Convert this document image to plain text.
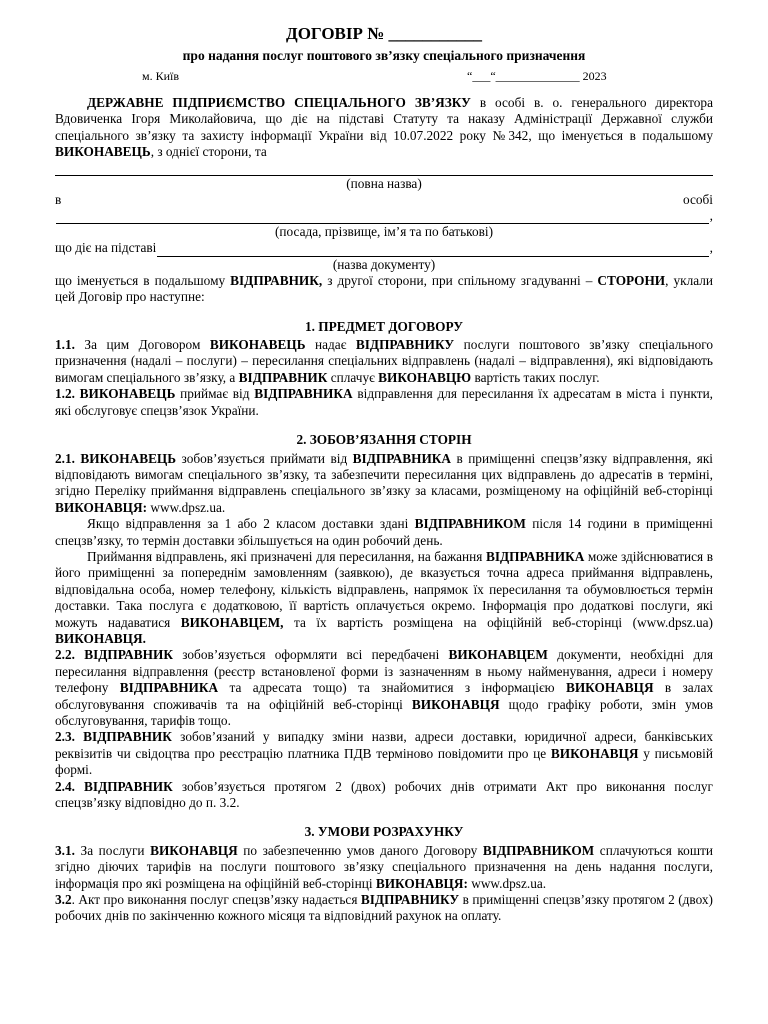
ДОГОВІР № ___________
про надання послуг поштового зв’язку спеціального призначення
м. Київ	“___“______________ 2023

ДЕРЖАВНЕ ПІДПРИЄМСТВО СПЕЦІАЛЬНОГО ЗВ’ЯЗКУ в особі в. о. генерального директора Вдовиченка Ігоря Миколайовича, що діє на підставі Статуту та наказу Адміністрації Державної служби спеціального зв’язку та захисту інформації України від 10.07.2022 року №342, що іменується в подальшому ВИКОНАВЕЦЬ, з однієї сторони, та

(повна назва)
в	особі
,
(посада, прізвище, ім’я та по батькові)
що діє на підставі	,
(назва документу)

що іменується в подальшому ВІДПРАВНИК, з другої сторони, при спільному згадуванні – СТОРОНИ, уклали цей Договір про наступне:

1. ПРЕДМЕТ ДОГОВОРУ

1.1. За цим Договором ВИКОНАВЕЦЬ надає ВІДПРАВНИКУ послуги поштового зв’язку спеціального призначення (надалі – послуги) – пересилання спеціальних відправлень (надалі – відправлення), які відповідають вимогам спеціального зв’язку, а ВІДПРАВНИК сплачує ВИКОНАВЦЮ вартість таких послуг.

1.2. ВИКОНАВЕЦЬ приймає від ВІДПРАВНИКА відправлення для пересилання їх адресатам в міста і пункти, які обслуговує спецзв’язок України.

2. ЗОБОВ’ЯЗАННЯ СТОРІН

2.1. ВИКОНАВЕЦЬ зобов’язується приймати від ВІДПРАВНИКА в приміщенні спецзв’язку відправлення, які відповідають вимогам спеціального зв’язку, та забезпечити пересилання цих відправлень до адресатів в терміні, згідно Переліку приймання відправлень спеціального зв’язку за класами, розміщеному на офіційній веб-сторінці ВИКОНАВЦЯ: www.dpsz.ua.

Якщо відправлення за 1 або 2 класом доставки здані ВІДПРАВНИКОМ після 14 години в приміщенні спецзв’язку, то термін доставки збільшується на один робочий день.

Приймання відправлень, які призначені для пересилання, на бажання ВІДПРАВНИКА може здійснюватися в його приміщенні за попереднім замовленням (заявкою), де вказується точна адреса приймання відправлень, відповідальна особа, номер телефону, кількість відправлень, напрямок їх пересилання та обумовлюється термін доставки. Така послуга є додатковою, її вартість оплачується окремо. Інформація про додаткові послуги, які можуть надаватися ВИКОНАВЦЕМ, та їх вартість розміщена на офіційній веб-сторінці (www.dpsz.ua) ВИКОНАВЦЯ.

2.2. ВІДПРАВНИК зобов’язується оформляти всі передбачені ВИКОНАВЦЕМ документи, необхідні для пересилання відправлення (реєстр встановленої форми із зазначенням в ньому найменування, адреси і номеру телефону ВІДПРАВНИКА та адресата тощо) та знайомитися з інформацією ВИКОНАВЦЯ в залах обслуговування споживачів та на офіційній веб-сторінці ВИКОНАВЦЯ щодо графіку роботи, змін умов обслуговування, тарифів тощо.

2.3. ВІДПРАВНИК зобов’язаний у випадку зміни назви, адреси доставки, юридичної адреси, банківських реквізитів чи свідоцтва про реєстрацію платника ПДВ терміново повідомити про це ВИКОНАВЦЯ у письмовій формі.

2.4. ВІДПРАВНИК зобов’язується протягом 2 (двох) робочих днів отримати Акт про виконання послуг спецзв’язку відповідно до п. 3.2.

3. УМОВИ РОЗРАХУНКУ

3.1. За послуги ВИКОНАВЦЯ по забезпеченню умов даного Договору ВІДПРАВНИКОМ сплачуються кошти згідно діючих тарифів на послуги поштового зв’язку спеціального призначення на день надання послуги, інформація про які розміщена на офіційній веб-сторінці ВИКОНАВЦЯ: www.dpsz.ua.

3.2. Акт про виконання послуг спецзв’язку надається ВІДПРАВНИКУ в приміщенні спецзв’язку протягом 2 (двох) робочих днів по закінченню кожного місяця та відповідний рахунок на оплату.
